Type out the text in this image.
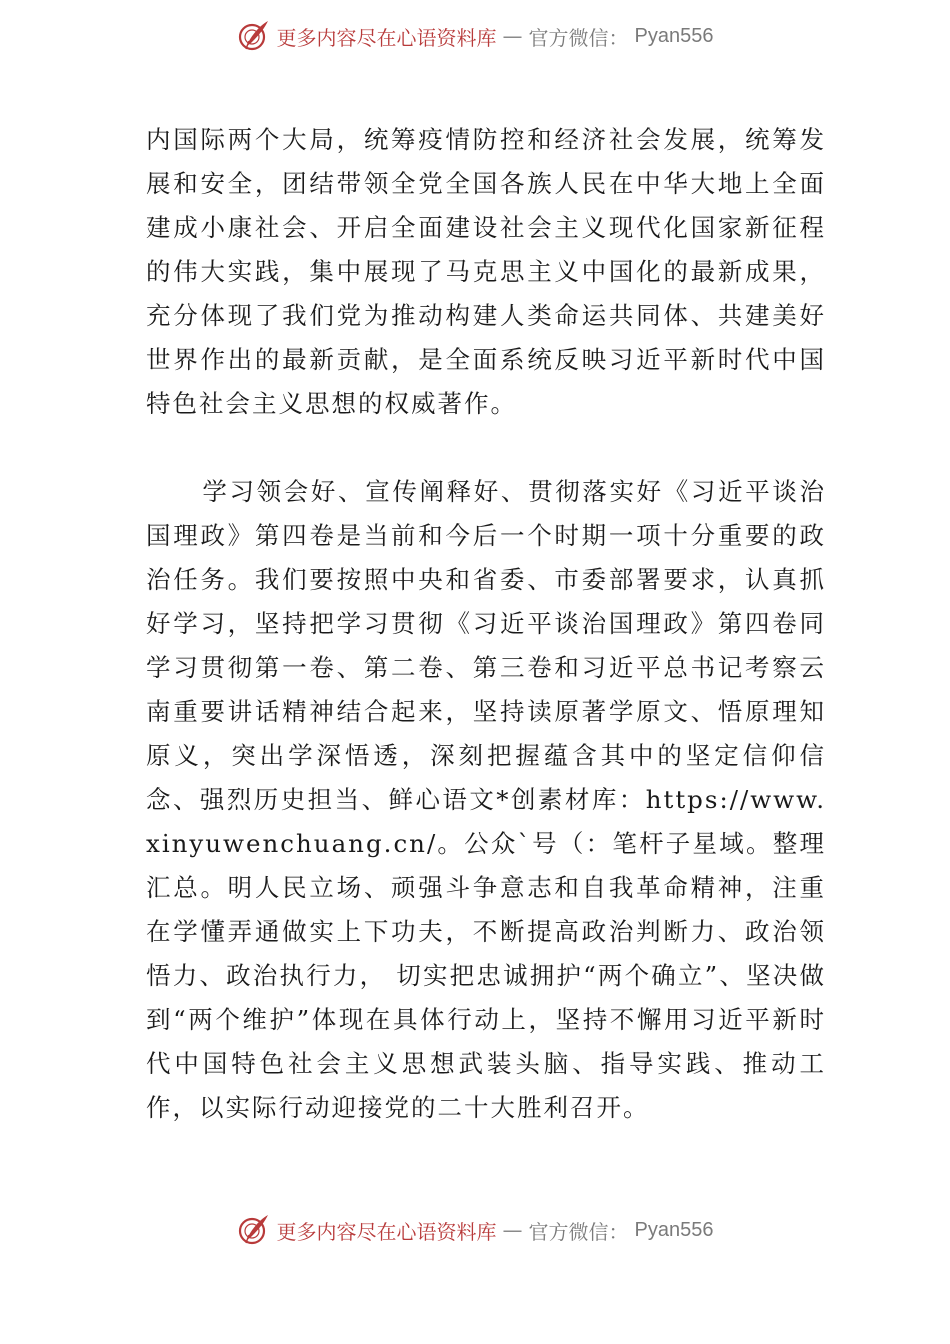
更多内容尽在心语资料库 — 官方微信： Pyan556

内国际两个大局，统筹疫情防控和经济社会发展，统筹发展和安全，团结带领全党全国各族人民在中华大地上全面建成小康社会、开启全面建设社会主义现代化国家新征程的伟大实践，集中展现了马克思主义中国化的最新成果，充分体现了我们党为推动构建人类命运共同体、共建美好世界作出的最新贡献，是全面系统反映习近平新时代中国特色社会主义思想的权威著作。

学习领会好、宣传阐释好、贯彻落实好《习近平谈治国理政》第四卷是当前和今后一个时期一项十分重要的政治任务。我们要按照中央和省委、市委部署要求，认真抓好学习，坚持把学习贯彻《习近平谈治国理政》第四卷同学习贯彻第一卷、第二卷、第三卷和习近平总书记考察云南重要讲话精神结合起来，坚持读原著学原文、悟原理知原义，突出学深悟透，深刻把握蕴含其中的坚定信仰信念、强烈历史担当、鲜心语文*创素材库：https://www.xinyuwenchuang.cn/。公众`号（：笔杆子星域。整理汇总。明人民立场、顽强斗争意志和自我革命精神，注重在学懂弄通做实上下功夫，不断提高政治判断力、政治领悟力、政治执行力， 切实把忠诚拥护“两个确立”、坚决做到“两个维护”体现在具体行动上，坚持不懈用习近平新时代中国特色社会主义思想武装头脑、指导实践、推动工作，以实际行动迎接党的二十大胜利召开。

更多内容尽在心语资料库 — 官方微信： Pyan556
